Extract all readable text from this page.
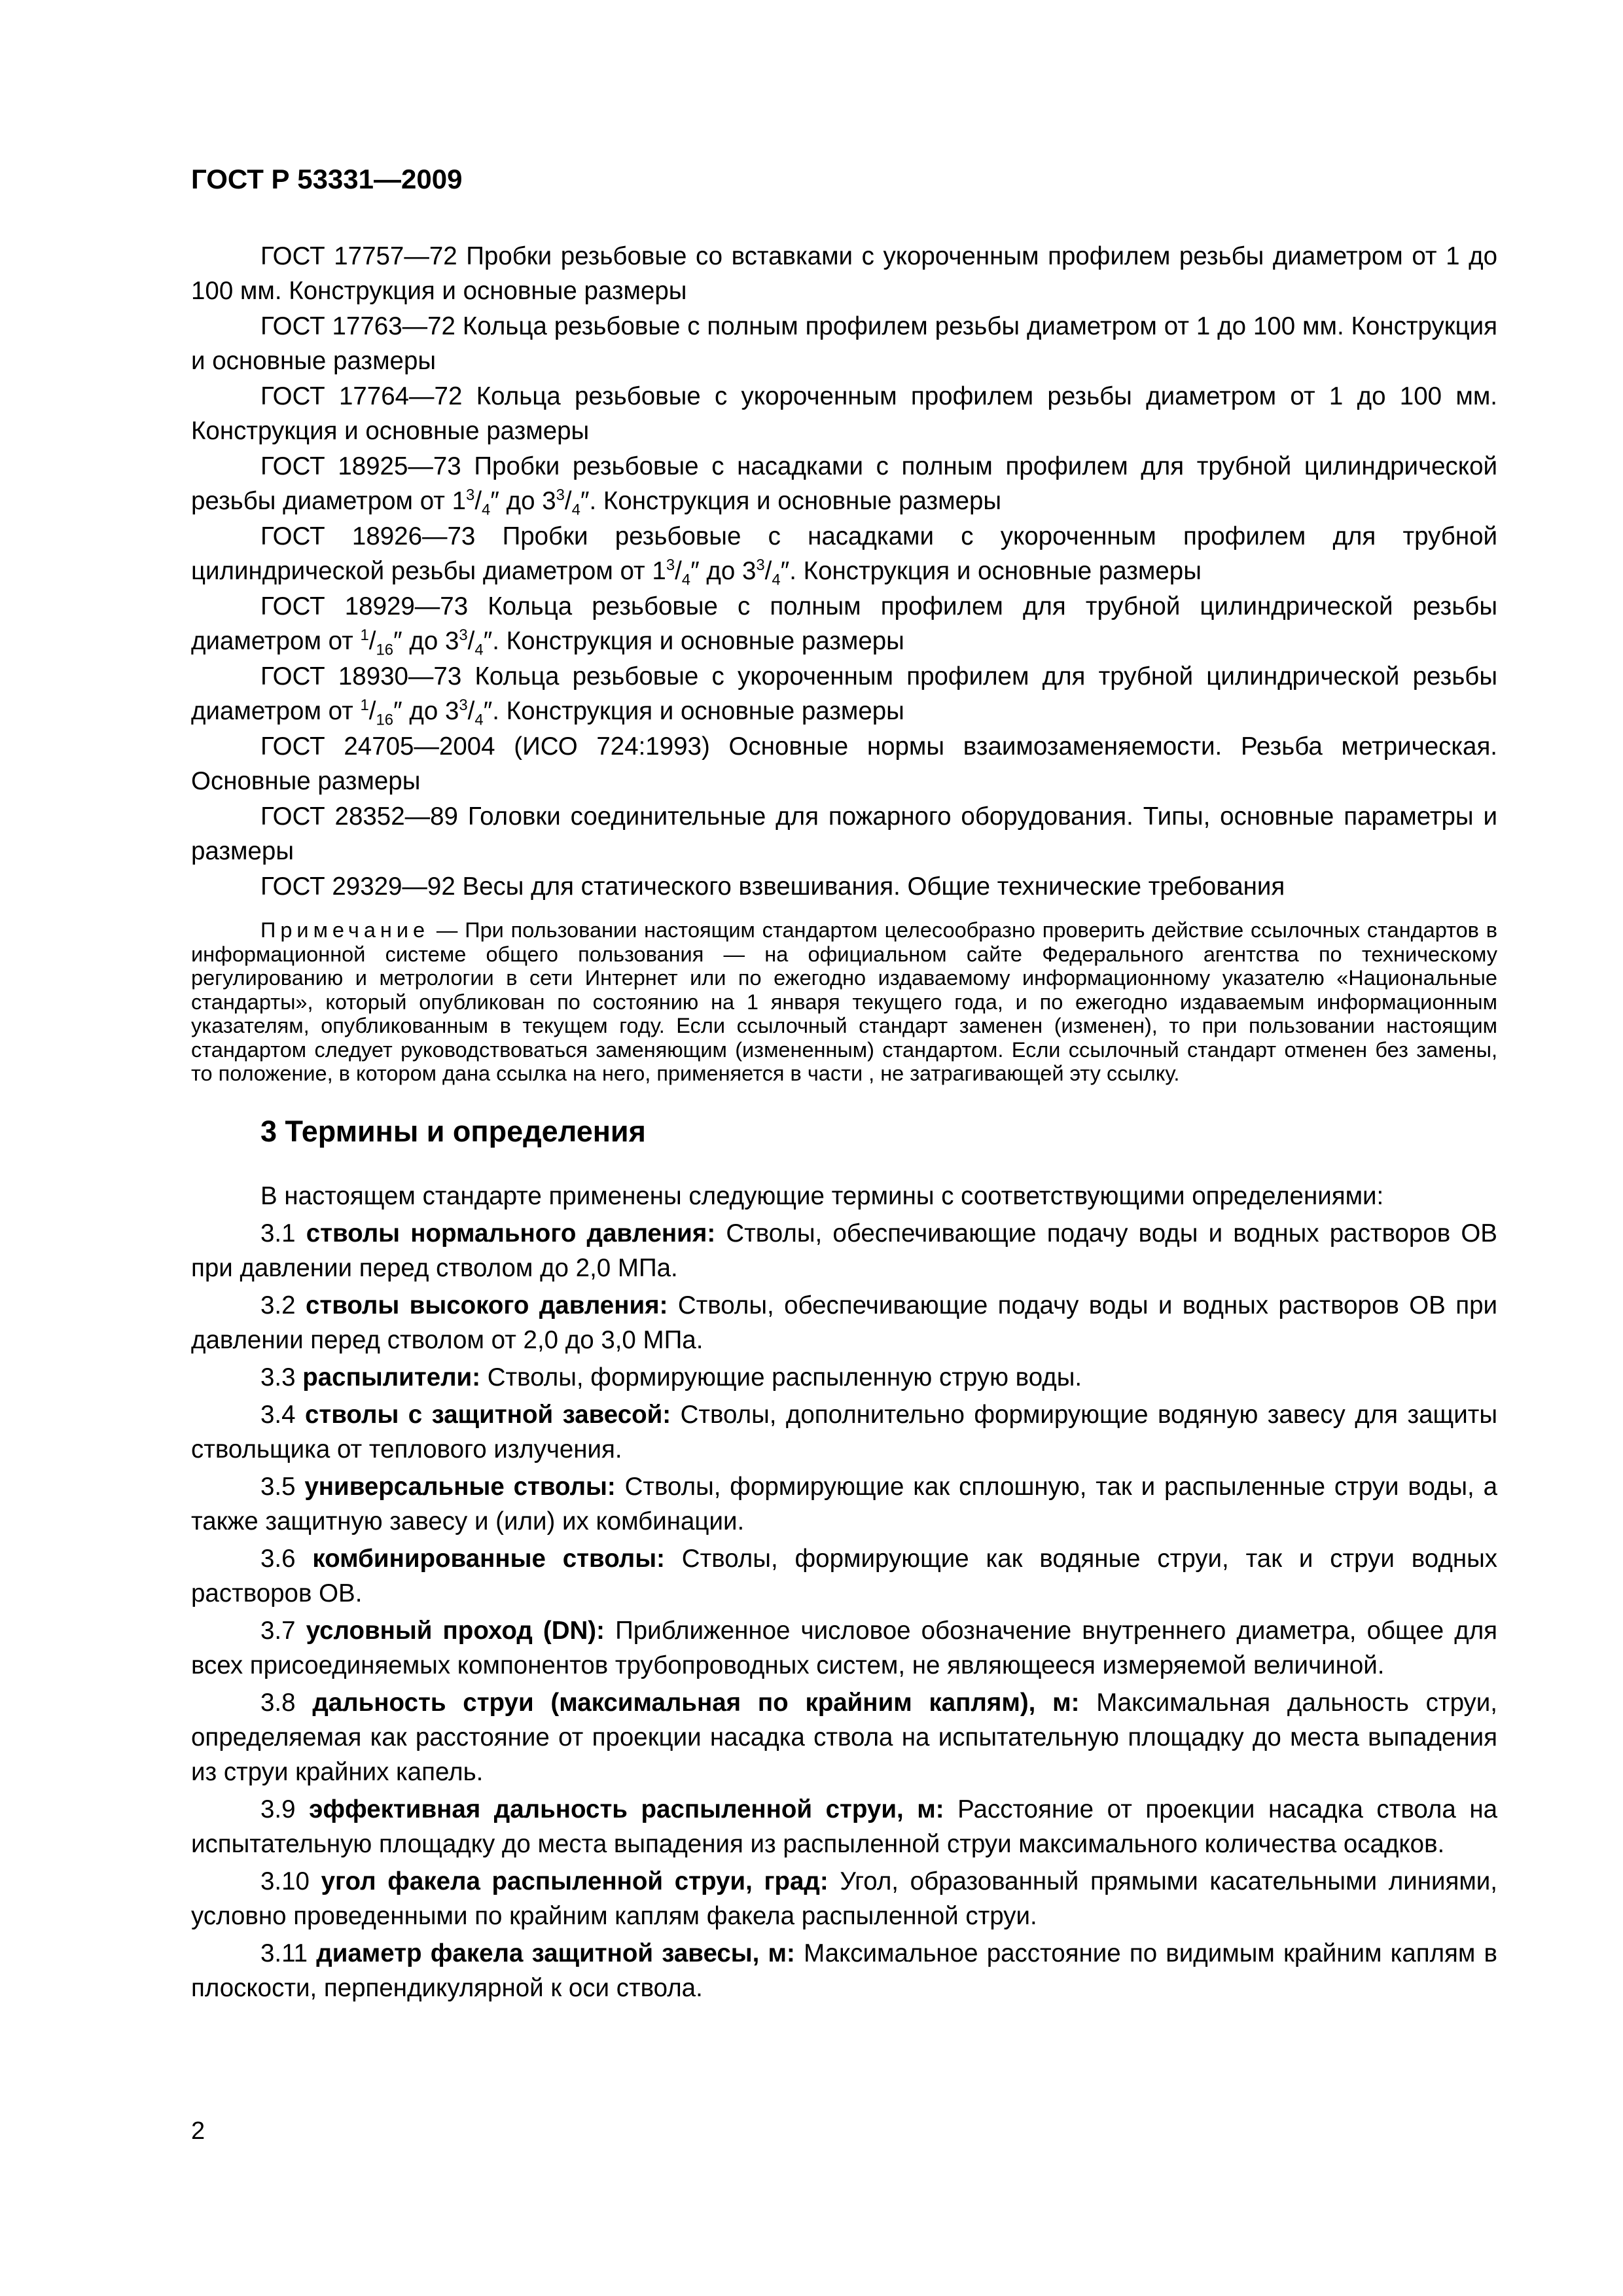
ГОСТ Р 53331—2009

ГОСТ 17757—72 Пробки резьбовые со вставками с укороченным профилем резьбы диаметром от 1 до 100 мм. Конструкция и основные размеры

ГОСТ 17763—72 Кольца резьбовые с полным профилем резьбы диаметром от 1 до 100 мм. Конструкция и основные размеры

ГОСТ 17764—72 Кольца резьбовые с укороченным профилем резьбы диаметром от 1 до 100 мм. Конструкция и основные размеры

ГОСТ 18925—73 Пробки резьбовые с насадками с полным профилем для трубной цилиндрической резьбы диаметром от $1^3/_4''$ до $3^3/_4''$. Конструкция и основные размеры

ГОСТ 18926—73 Пробки резьбовые с насадками с укороченным профилем для трубной цилиндрической резьбы диаметром от $1^3/_4''$ до $3^3/_4''$. Конструкция и основные размеры

ГОСТ 18929—73 Кольца резьбовые с полным профилем для трубной цилиндрической резьбы диаметром от $^1/_{16}''$ до $3^3/_4''$. Конструкция и основные размеры

ГОСТ 18930—73 Кольца резьбовые с укороченным профилем для трубной цилиндрической резьбы диаметром от $^1/_{16}''$ до $3^3/_4''$. Конструкция и основные размеры

ГОСТ 24705—2004 (ИСО 724:1993) Основные нормы взаимозаменяемости. Резьба метрическая. Основные размеры

ГОСТ 28352—89 Головки соединительные для пожарного оборудования. Типы, основные параметры и размеры

ГОСТ 29329—92 Весы для статического взвешивания. Общие технические требования

Примечание — При пользовании настоящим стандартом целесообразно проверить действие ссылочных стандартов в информационной системе общего пользования — на официальном сайте Федерального агентства по техническому регулированию и метрологии в сети Интернет или по ежегодно издаваемому информационному указателю «Национальные стандарты», который опубликован по состоянию на 1 января текущего года, и по ежегодно издаваемым информационным указателям, опубликованным в текущем году. Если ссылочный стандарт заменен (изменен), то при пользовании настоящим стандартом следует руководствоваться заменяющим (измененным) стандартом. Если ссылочный стандарт отменен без замены, то положение, в котором дана ссылка на него, применяется в части , не затрагивающей эту ссылку.
3 Термины и определения

В настоящем стандарте применены следующие термины с соответствующими определениями:

3.1 стволы нормального давления: Стволы, обеспечивающие подачу воды и водных растворов ОВ при давлении перед стволом до 2,0 МПа.

3.2 стволы высокого давления: Стволы, обеспечивающие подачу воды и водных растворов ОВ при давлении перед стволом от 2,0 до 3,0 МПа.

3.3 распылители: Стволы, формирующие распыленную струю воды.

3.4 стволы с защитной завесой: Стволы, дополнительно формирующие водяную завесу для защиты ствольщика от теплового излучения.

3.5 универсальные стволы: Стволы, формирующие как сплошную, так и распыленные струи воды, а также защитную завесу и (или) их комбинации.

3.6 комбинированные стволы: Стволы, формирующие как водяные струи, так и струи водных растворов ОВ.

3.7 условный проход (DN): Приближенное числовое обозначение внутреннего диаметра, общее для всех присоединяемых компонентов трубопроводных систем, не являющееся измеряемой величиной.

3.8 дальность струи (максимальная по крайним каплям), м: Максимальная дальность струи, определяемая как расстояние от проекции насадка ствола на испытательную площадку до места выпадения из струи крайних капель.

3.9 эффективная дальность распыленной струи, м: Расстояние от проекции насадка ствола на испытательную площадку до места выпадения из распыленной струи максимального количества осадков.

3.10 угол факела распыленной струи, град: Угол, образованный прямыми касательными линиями, условно проведенными по крайним каплям факела распыленной струи.

3.11 диаметр факела защитной завесы, м: Максимальное расстояние по видимым крайним каплям в плоскости, перпендикулярной к оси ствола.

2
